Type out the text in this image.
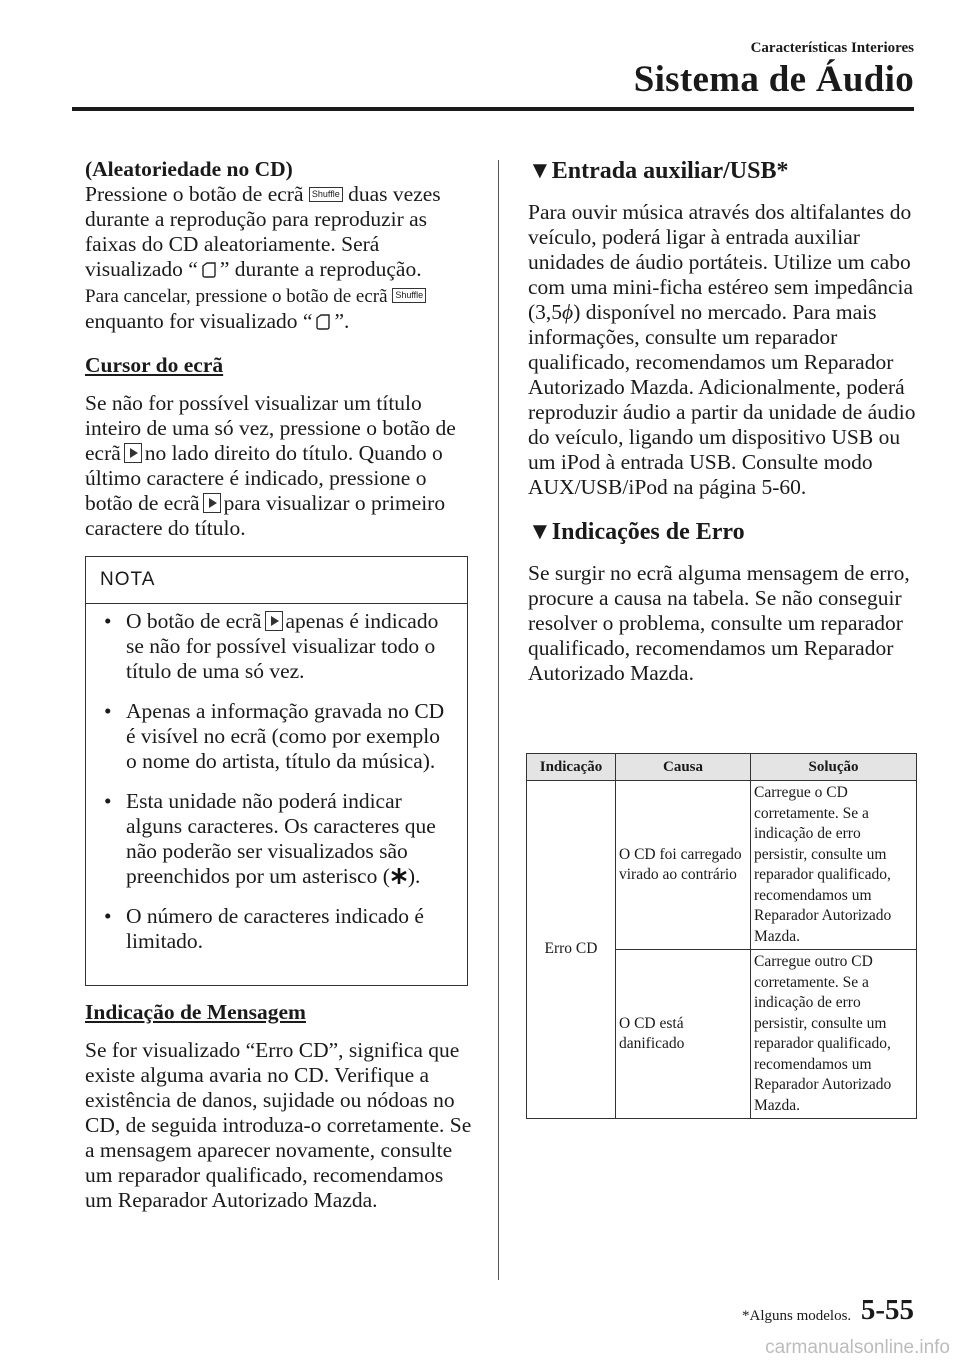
Características Interiores
Sistema de Áudio

(Aleatoriedade no CD)

Pressione o botão de ecrã Shuffle duas vezes durante a reprodução para reproduzir as faixas do CD aleatoriamente. Será visualizado “ ” durante a reprodução.

Para cancelar, pressione o botão de ecrã Shuffle enquanto for visualizado “ ”.

Cursor do ecrã

Se não for possível visualizar um título inteiro de uma só vez, pressione o botão de ecrã no lado direito do título. Quando o último caractere é indicado, pressione o botão de ecrã para visualizar o primeiro caractere do título.

NOTA
• O botão de ecrã apenas é indicado se não for possível visualizar todo o título de uma só vez.
• Apenas a informação gravada no CD é visível no ecrã (como por exemplo o nome do artista, título da música).
• Esta unidade não poderá indicar alguns caracteres. Os caracteres que não poderão ser visualizados são preenchidos por um asterisco ( ).
• O número de caracteres indicado é limitado.
Indicação de Mensagem

Se for visualizado “Erro CD”, significa que existe alguma avaria no CD. Verifique a existência de danos, sujidade ou nódoas no CD, de seguida introduza-o corretamente. Se a mensagem aparecer novamente, consulte um reparador qualificado, recomendamos um Reparador Autorizado Mazda.

▼Entrada auxiliar/USB*

Para ouvir música através dos altifalantes do veículo, poderá ligar à entrada auxiliar unidades de áudio portáteis. Utilize um cabo com uma mini-ficha estéreo sem impedância (3,5ϕ) disponível no mercado. Para mais informações, consulte um reparador qualificado, recomendamos um Reparador Autorizado Mazda. Adicionalmente, poderá reproduzir áudio a partir da unidade de áudio do veículo, ligando um dispositivo USB ou um iPod à entrada USB. Consulte modo AUX/USB/iPod na página 5-60.

▼Indicações de Erro

Se surgir no ecrã alguma mensagem de erro, procure a causa na tabela. Se não conseguir resolver o problema, consulte um reparador qualificado, recomendamos um Reparador Autorizado Mazda.

Indicação	Causa	Solução
Erro CD	O CD foi carregado virado ao contrário	Carregue o CD corretamente. Se a indicação de erro persistir, consulte um reparador qualificado, recomendamos um Reparador Autorizado Mazda.
	O CD está danificado	Carregue outro CD corretamente. Se a indicação de erro persistir, consulte um reparador qualificado, recomendamos um Reparador Autorizado Mazda.
*Alguns modelos. 5-55
carmanualsonline.info
